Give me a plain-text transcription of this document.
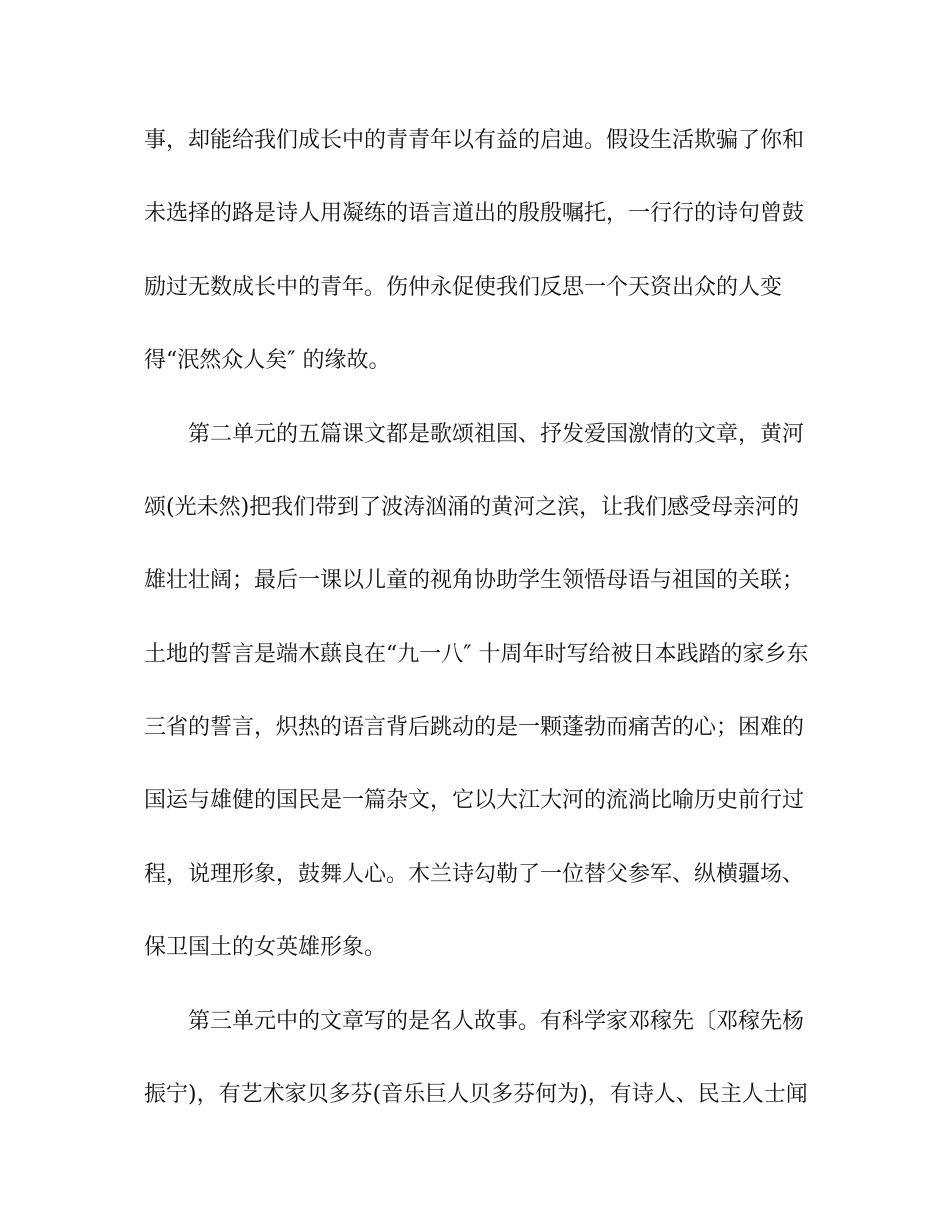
事，却能给我们成长中的青青年以有益的启迪。假设生活欺骗了你和
未选择的路是诗人用凝练的语言道出的殷殷嘱托，一行行的诗句曾鼓
励过无数成长中的青年。伤仲永促使我们反思一个天资出众的人变
得“泯然众人矣″ 的缘故。
第二单元的五篇课文都是歌颂祖国、抒发爱国激情的文章，黄河
颂(光未然)把我们带到了波涛汹涌的黄河之滨，让我们感受母亲河的
雄壮壮阔；最后一课以儿童的视角协助学生领悟母语与祖国的关联；
土地的誓言是端木蕻良在“九一八″ 十周年时写给被日本践踏的家乡东
三省的誓言，炽热的语言背后跳动的是一颗蓬勃而痛苦的心；困难的
国运与雄健的国民是一篇杂文，它以大江大河的流淌比喻历史前行过
程，说理形象，鼓舞人心。木兰诗勾勒了一位替父参军、纵横疆场、
保卫国土的女英雄形象。
第三单元中的文章写的是名人故事。有科学家邓稼先〔邓稼先杨
振宁)，有艺术家贝多芬(音乐巨人贝多芬何为)，有诗人、民主人士闻
